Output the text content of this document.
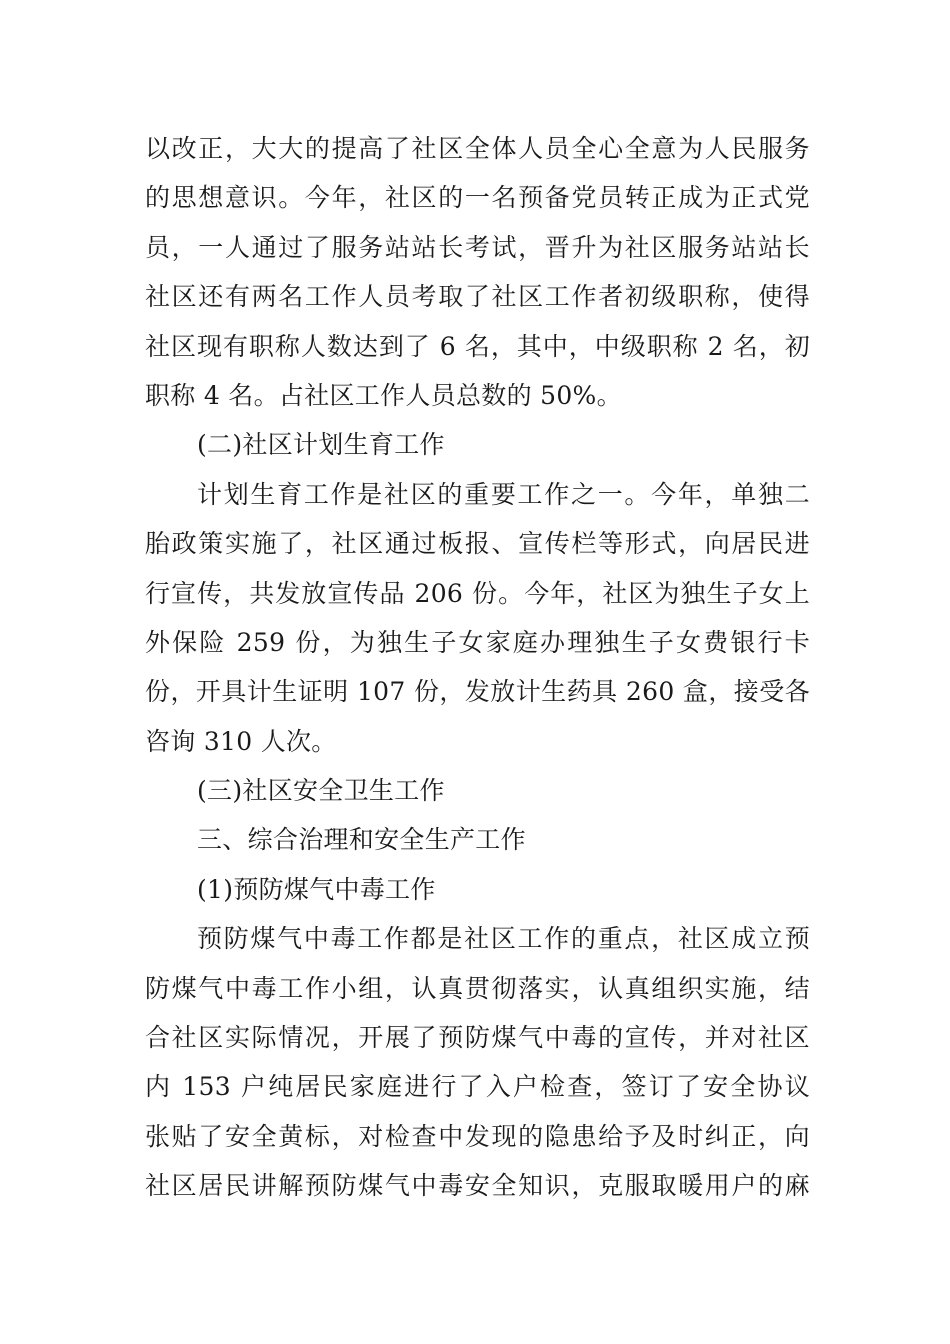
以改正，大大的提高了社区全体人员全心全意为人民服务
的思想意识。今年，社区的一名预备党员转正成为正式党
员，一人通过了服务站站长考试，晋升为社区服务站站长
社区还有两名工作人员考取了社区工作者初级职称，使得
社区现有职称人数达到了 6 名，其中，中级职称 2 名，初
职称 4 名。占社区工作人员总数的 50%。
(二)社区计划生育工作
计划生育工作是社区的重要工作之一。今年，单独二
胎政策实施了，社区通过板报、宣传栏等形式，向居民进
行宣传，共发放宣传品 206 份。今年，社区为独生子女上
外保险 259 份，为独生子女家庭办理独生子女费银行卡
份，开具计生证明 107 份，发放计生药具 260 盒，接受各
咨询 310 人次。
(三)社区安全卫生工作
三、综合治理和安全生产工作
(1)预防煤气中毒工作
预防煤气中毒工作都是社区工作的重点，社区成立预
防煤气中毒工作小组，认真贯彻落实，认真组织实施，结
合社区实际情况，开展了预防煤气中毒的宣传，并对社区
内 153 户纯居民家庭进行了入户检查，签订了安全协议
张贴了安全黄标，对检查中发现的隐患给予及时纠正，向
社区居民讲解预防煤气中毒安全知识，克服取暖用户的麻
